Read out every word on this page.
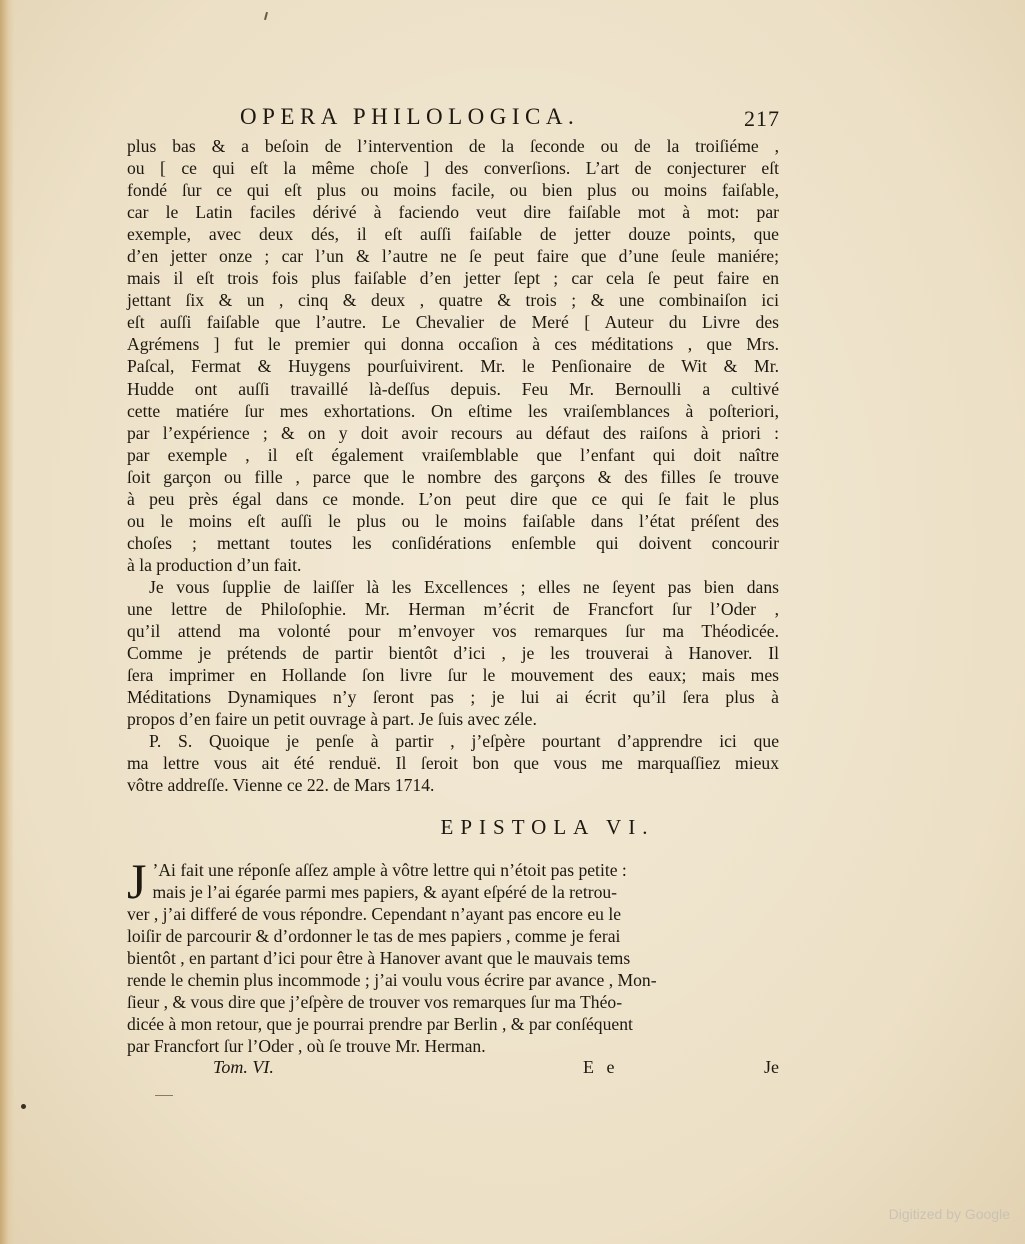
OPERA PHILOLOGICA.	217

plus bas & a beſoin de l’intervention de la ſeconde ou de la troiſiéme ,

ou [ ce qui eſt la même choſe ] des converſions. L’art de conjecturer eſt

fondé ſur ce qui eſt plus ou moins facile, ou bien plus ou moins faiſable,

car le Latin faciles dérivé à faciendo veut dire faiſable mot à mot: par

exemple, avec deux dés, il eſt auſſi faiſable de jetter douze points, que

d’en jetter onze ; car l’un & l’autre ne ſe peut faire que d’une ſeule maniére;

mais il eſt trois fois plus faiſable d’en jetter ſept ; car cela ſe peut faire en

jettant ſix & un , cinq & deux , quatre & trois ; & une combinaiſon ici

eſt auſſi faiſable que l’autre. Le Chevalier de Meré [ Auteur du Livre des

Agrémens ] fut le premier qui donna occaſion à ces méditations , que Mrs.

Paſcal, Fermat & Huygens pourſuivirent. Mr. le Penſionaire de Wit & Mr.

Hudde ont auſſi travaillé là-deſſus depuis. Feu Mr. Bernoulli a cultivé

cette matiére ſur mes exhortations. On eſtime les vraiſemblances à poſteriori,

par l’expérience ; & on y doit avoir recours au défaut des raiſons à priori :

par exemple , il eſt également vraiſemblable que l’enfant qui doit naître

ſoit garçon ou fille , parce que le nombre des garçons & des filles ſe trouve

à peu près égal dans ce monde. L’on peut dire que ce qui ſe fait le plus

ou le moins eſt auſſi le plus ou le moins faiſable dans l’état préſent des

choſes ; mettant toutes les conſidérations enſemble qui doivent concourir

à la production d’un fait.

Je vous ſupplie de laiſſer là les Excellences ; elles ne ſeyent pas bien dans

une lettre de Philoſophie. Mr. Herman m’écrit de Francfort ſur l’Oder ,

qu’il attend ma volonté pour m’envoyer vos remarques ſur ma Théodicée.

Comme je prétends de partir bientôt d’ici , je les trouverai à Hanover. Il

ſera imprimer en Hollande ſon livre ſur le mouvement des eaux; mais mes

Méditations Dynamiques n’y ſeront pas ; je lui ai écrit qu’il ſera plus à

propos d’en faire un petit ouvrage à part. Je ſuis avec zéle.

P. S. Quoique je penſe à partir , j’eſpère pourtant d’apprendre ici que

ma lettre vous ait été renduë. Il ſeroit bon que vous me marquaſſiez mieux

vôtre addreſſe. Vienne ce 22. de Mars 1714.

EPISTOLA VI.
J ’Ai fait une réponſe aſſez ample à vôtre lettre qui n’étoit pas petite :

mais je l’ai égarée parmi mes papiers, & ayant eſpéré de la retrou-

ver , j’ai differé de vous répondre. Cependant n’ayant pas encore eu le

loiſir de parcourir & d’ordonner le tas de mes papiers , comme je ferai

bientôt , en partant d’ici pour être à Hanover avant que le mauvais tems

rende le chemin plus incommode ; j’ai voulu vous écrire par avance , Mon-

ſieur , & vous dire que j’eſpère de trouver vos remarques ſur ma Théo-

dicée à mon retour, que je pourrai prendre par Berlin , & par conſéquent

par Francfort ſur l’Oder , où ſe trouve Mr. Herman.

Tom. VI.	E e	Je
Digitized by Google
